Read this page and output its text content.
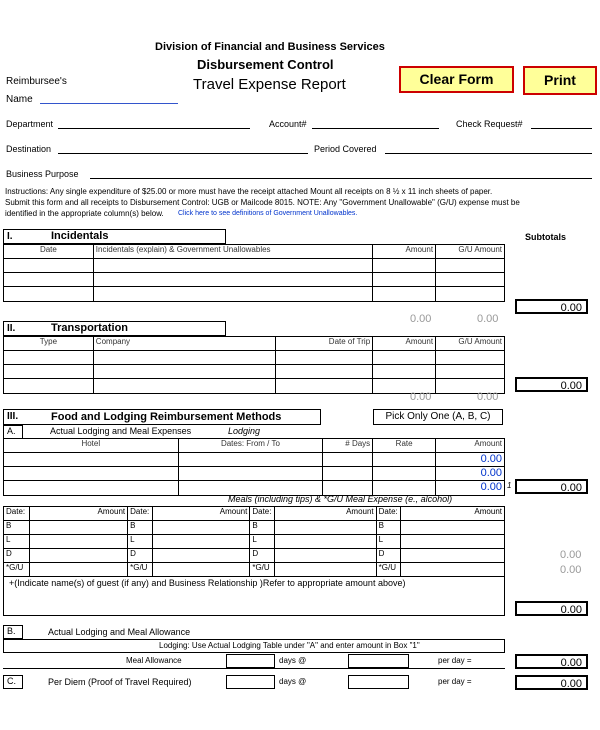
Division of Financial and Business Services
Disbursement Control
Travel Expense Report	Clear Form	Print
Reimbursee's
Name
Department	Account#	Check Request#
Destination	Period Covered
Business Purpose
Instructions: Any single expenditure of $25.00 or more must have the receipt attached Mount all receipts on 8 ½ x 11 inch sheets of paper.
Submit this form and all receipts to Disbursement Control: UGB or Mailcode 8015. NOTE: Any "Government Unallowable" (G/U) expense must be
identified in the appropriate column(s) below. Click here to see definitions of Government Unallowables.
I.	Incidentals	Subtotals
Date	Incidentals (explain) & Government Unallowables	Amount	G/U Amount

0.00
0.00	0.00
II.	Transportation
Type	Company	Date of Trip	Amount	G/U Amount

0.00
0.00	0.00
III.	Food and Lodging Reimbursement Methods	Pick Only One (A, B, C)
A.	Actual Lodging and Meal Expenses	Lodging
Hotel	Dates: From / To	# Days	Rate	Amount
				0.00
				0.00
				0.00 1	0.00
Meals (including tips) & *G/U Meal Expense (e., alcohol)
Date:	Amount	Date:	Amount	Date:	Amount	Date:	Amount
B		B		B		B	
L		L		L		L	
D		D		D		D	
*G/U		*G/U		*G/U		*G/U	
0.00
0.00
+(Indicate name(s) of guest (if any) and Business Relationship )Refer to appropriate amount above)
0.00
B.	Actual Lodging and Meal Allowance
Lodging: Use Actual Lodging Table under "A" and enter amount in Box "1"
Meal Allowance	days @	per day =	0.00
C.	Per Diem (Proof of Travel Required)	days @	per day =	0.00
